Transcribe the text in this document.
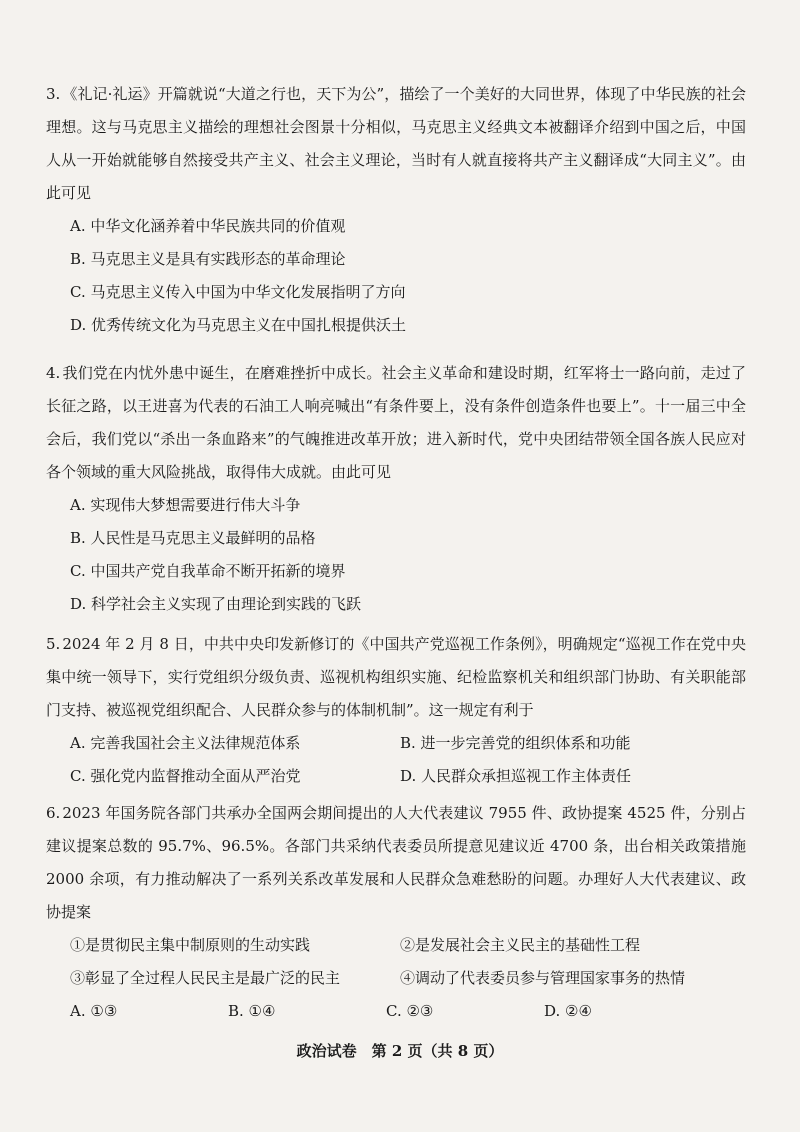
3. 《礼记·礼运》开篇就说“大道之行也，天下为公”，描绘了一个美好的大同世界，体现了中华民族的社会理想。这与马克思主义描绘的理想社会图景十分相似，马克思主义经典文本被翻译介绍到中国之后，中国人从一开始就能够自然接受共产主义、社会主义理论，当时有人就直接将共产主义翻译成“大同主义”。由此可见

A. 中华文化涵养着中华民族共同的价值观

B. 马克思主义是具有实践形态的革命理论

C. 马克思主义传入中国为中华文化发展指明了方向

D. 优秀传统文化为马克思主义在中国扎根提供沃土

4. 我们党在内忧外患中诞生，在磨难挫折中成长。社会主义革命和建设时期，红军将士一路向前，走过了长征之路，以王进喜为代表的石油工人响亮喊出“有条件要上，没有条件创造条件也要上”。十一届三中全会后，我们党以“杀出一条血路来”的气魄推进改革开放；进入新时代，党中央团结带领全国各族人民应对各个领域的重大风险挑战，取得伟大成就。由此可见

A. 实现伟大梦想需要进行伟大斗争

B. 人民性是马克思主义最鲜明的品格

C. 中国共产党自我革命不断开拓新的境界

D. 科学社会主义实现了由理论到实践的飞跃

5. 2024 年 2 月 8 日，中共中央印发新修订的《中国共产党巡视工作条例》，明确规定“巡视工作在党中央集中统一领导下，实行党组织分级负责、巡视机构组织实施、纪检监察机关和组织部门协助、有关职能部门支持、被巡视党组织配合、人民群众参与的体制机制”。这一规定有利于

A. 完善我国社会主义法律规范体系	B. 进一步完善党的组织体系和功能
C. 强化党内监督推动全面从严治党	D. 人民群众承担巡视工作主体责任

6. 2023 年国务院各部门共承办全国两会期间提出的人大代表建议 7955 件、政协提案 4525 件，分别占建议提案总数的 95.7%、96.5%。各部门共采纳代表委员所提意见建议近 4700 条，出台相关政策措施 2000 余项，有力推动解决了一系列关系改革发展和人民群众急难愁盼的问题。办理好人大代表建议、政协提案

①是贯彻民主集中制原则的生动实践	②是发展社会主义民主的基础性工程
③彰显了全过程人民民主是最广泛的民主	④调动了代表委员参与管理国家事务的热情
A. ①③	B. ①④	C. ②③	D. ②④
政治试卷　第 2 页（共 8 页）
